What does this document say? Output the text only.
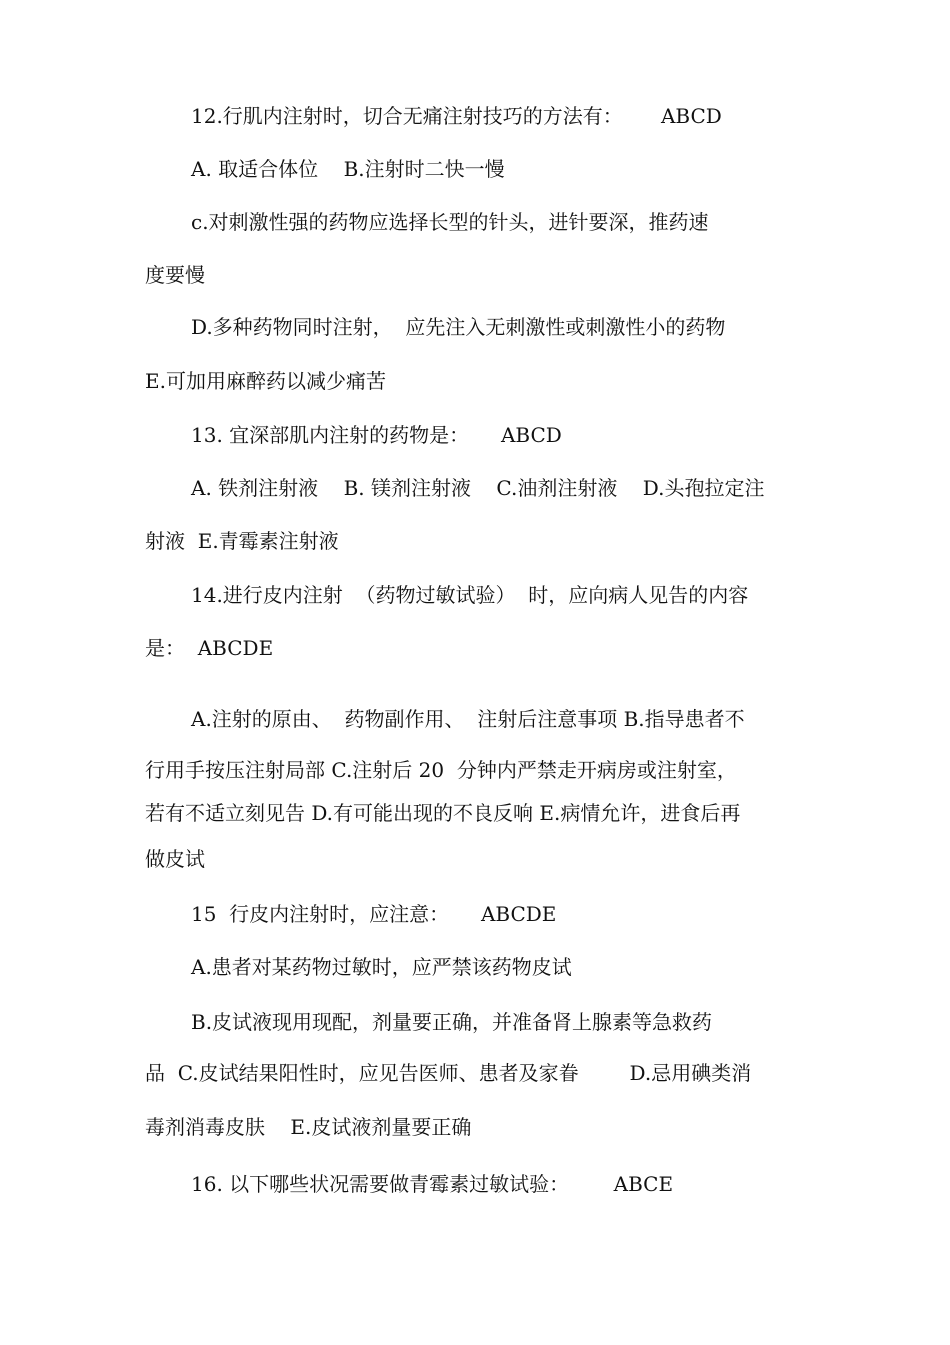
12.行肌内注射时，切合无痛注射技巧的方法有：      ABCD
A. 取适合体位    B.注射时二快一慢
c.对刺激性强的药物应选择长型的针头，进针要深，推药速
度要慢
D.多种药物同时注射，  应先注入无刺激性或刺激性小的药物
E.可加用麻醉药以减少痛苦
13. 宜深部肌内注射的药物是：     ABCD
A. 铁剂注射液    B. 镁剂注射液    C.油剂注射液    D.头孢拉定注
射液  E.青霉素注射液
14.进行皮内注射  （药物过敏试验）  时，应向病人见告的内容
是：  ABCDE
A.注射的原由、  药物副作用、  注射后注意事项 B.指导患者不
行用手按压注射局部 C.注射后 20  分钟内严禁走开病房或注射室，
若有不适立刻见告 D.有可能出现的不良反响 E.病情允许，进食后再
做皮试
15  行皮内注射时，应注意：     ABCDE
A.患者对某药物过敏时，应严禁该药物皮试
B.皮试液现用现配，剂量要正确，并准备肾上腺素等急救药
品  C.皮试结果阳性时，应见告医师、患者及家眷        D.忌用碘类消
毒剂消毒皮肤    E.皮试液剂量要正确
16. 以下哪些状况需要做青霉素过敏试验：       ABCE
